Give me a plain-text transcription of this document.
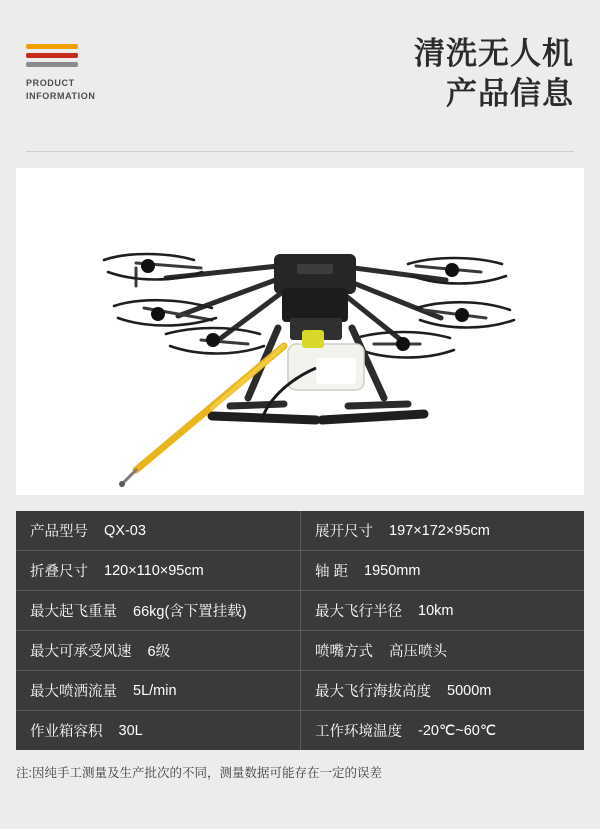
PRODUCT
INFORMATION
清洗无人机
产品信息
产品型号 QX-03	展开尺寸 197×172×95cm
折叠尺寸 120×110×95cm	轴 距 1950mm
最大起飞重量 66kg(含下置挂载)	最大飞行半径 10km
最大可承受风速 6级	喷嘴方式 高压喷头
最大喷洒流量 5L/min	最大飞行海拔高度 5000m
作业箱容积 30L	工作环境温度 -20℃~60℃
注:因纯手工测量及生产批次的不同，测量数据可能存在一定的误差
